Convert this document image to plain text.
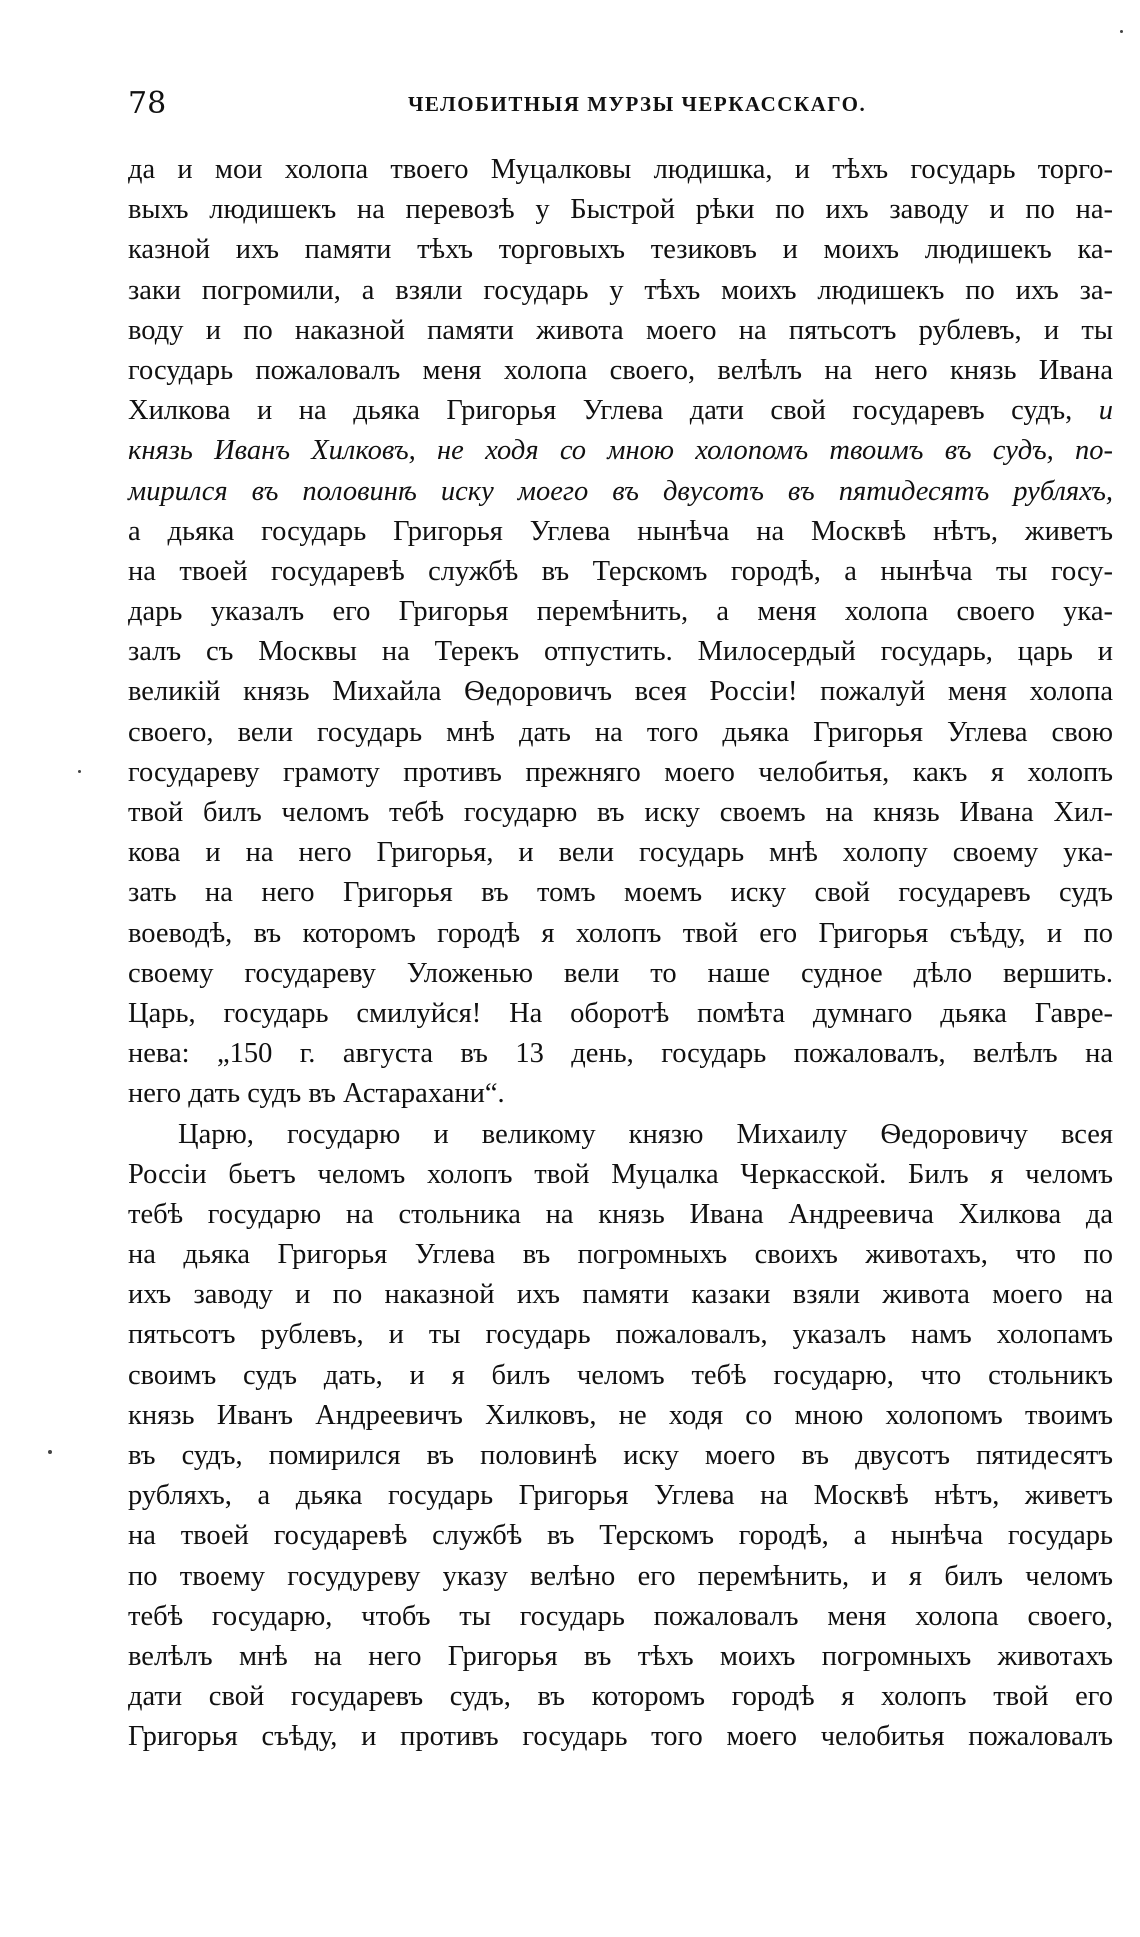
78	ЧЕЛОБИТНЫЯ МУРЗЫ ЧЕРКАССКАГО.
да и мои холопа твоего Муцалковы людишка, и тѣхъ государь торго-
выхъ людишекъ на перевозѣ у Быстрой рѣки по ихъ заводу и по на-
казной ихъ памяти тѣхъ торговыхъ тезиковъ и моихъ людишекъ ка-
заки погромили, а взяли государь у тѣхъ моихъ людишекъ по ихъ за-
воду и по наказной памяти живота моего на пятьсотъ рублевъ, и ты
государь пожаловалъ меня холопа своего, велѣлъ на него князь Ивана
Хилкова и на дьяка Григорья Углева дати свой государевъ судъ, и
князь Иванъ Хилковъ, не ходя со мною холопомъ твоимъ въ судъ, по-
мирился въ половинѣ иску моего въ двусотъ въ пятидесятъ рубляхъ,
а дьяка государь Григорья Углева нынѣча на Москвѣ нѣтъ, живетъ
на твоей государевѣ службѣ въ Терскомъ городѣ, а нынѣча ты госу-
дарь указалъ его Григорья перемѣнить, а меня холопа своего ука-
залъ съ Москвы на Терекъ отпустить. Милосердый государь, царь и
великій князь Михайла Ѳедоровичъ всея Россіи! пожалуй меня холопа
своего, вели государь мнѣ дать на того дьяка Григорья Углева свою
государеву грамоту противъ прежняго моего челобитья, какъ я холопъ
твой билъ челомъ тебѣ государю въ иску своемъ на князь Ивана Хил-
кова и на него Григорья, и вели государь мнѣ холопу своему ука-
зать на него Григорья въ томъ моемъ иску свой государевъ судъ
воеводѣ, въ которомъ городѣ я холопъ твой его Григорья съѣду, и по
своему государеву Уложенью вели то наше судное дѣло вершить.
Царь, государь смилуйся! На оборотѣ помѣта думнаго дьяка Гавре-
нева: „150 г. августа въ 13 день, государь пожаловалъ, велѣлъ на
него дать судъ въ Астарахани“.
Царю, государю и великому князю Михаилу Ѳедоровичу всея
Россіи бьетъ челомъ холопъ твой Муцалка Черкасской. Билъ я челомъ
тебѣ государю на стольника на князь Ивана Андреевича Хилкова да
на дьяка Григорья Углева въ погромныхъ своихъ животахъ, что по
ихъ заводу и по наказной ихъ памяти казаки взяли живота моего на
пятьсотъ рублевъ, и ты государь пожаловалъ, указалъ намъ холопамъ
своимъ судъ дать, и я билъ челомъ тебѣ государю, что стольникъ
князь Иванъ Андреевичъ Хилковъ, не ходя со мною холопомъ твоимъ
въ судъ, помирился въ половинѣ иску моего въ двусотъ пятидесятъ
рубляхъ, а дьяка государь Григорья Углева на Москвѣ нѣтъ, живетъ
на твоей государевѣ службѣ въ Терскомъ городѣ, а нынѣча государь
по твоему госудуреву указу велѣно его перемѣнить, и я билъ челомъ
тебѣ государю, чтобъ ты государь пожаловалъ меня холопа своего,
велѣлъ мнѣ на него Григорья въ тѣхъ моихъ погромныхъ животахъ
дати свой государевъ судъ, въ которомъ городѣ я холопъ твой его
Григорья съѣду, и противъ государь того моего челобитья пожаловалъ
